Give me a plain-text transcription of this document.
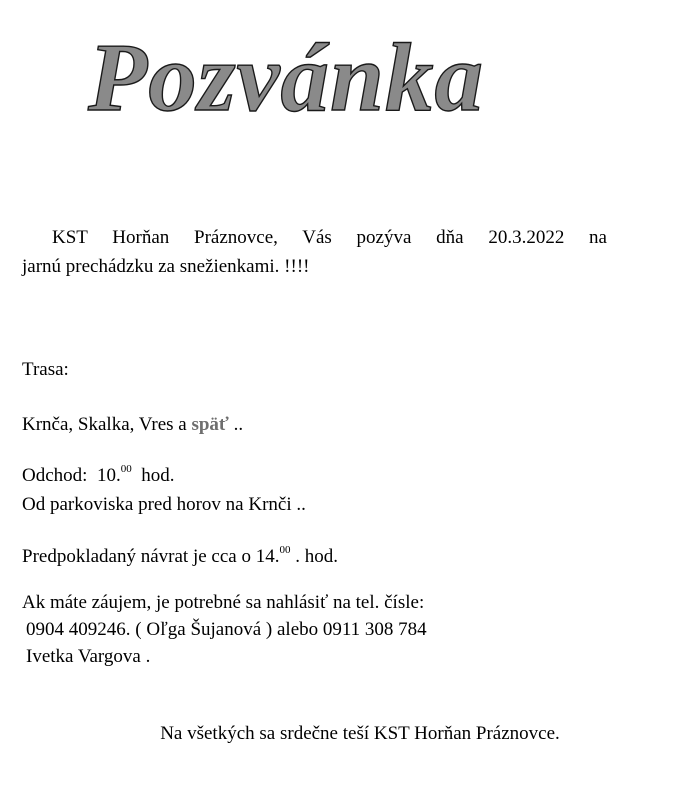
Pozvánka
KST Horňan Práznovce, Vás pozýva dňa 20.3.2022 na
jarnú prechádzku za snežienkami. !!!!
Trasa:
Krnča, Skalka, Vres a späť ..
Odchod: 10.00 hod.
Od parkoviska pred horov na Krnči ..
Predpokladaný návrat je cca o 14.00 . hod.
Ak máte záujem, je potrebné sa nahlásiť na tel. čísle:
0904 409246. ( Oľga Šujanová ) alebo 0911 308 784
Ivetka Vargova .
Na všetkých sa srdečne teší KST Horňan Práznovce.
